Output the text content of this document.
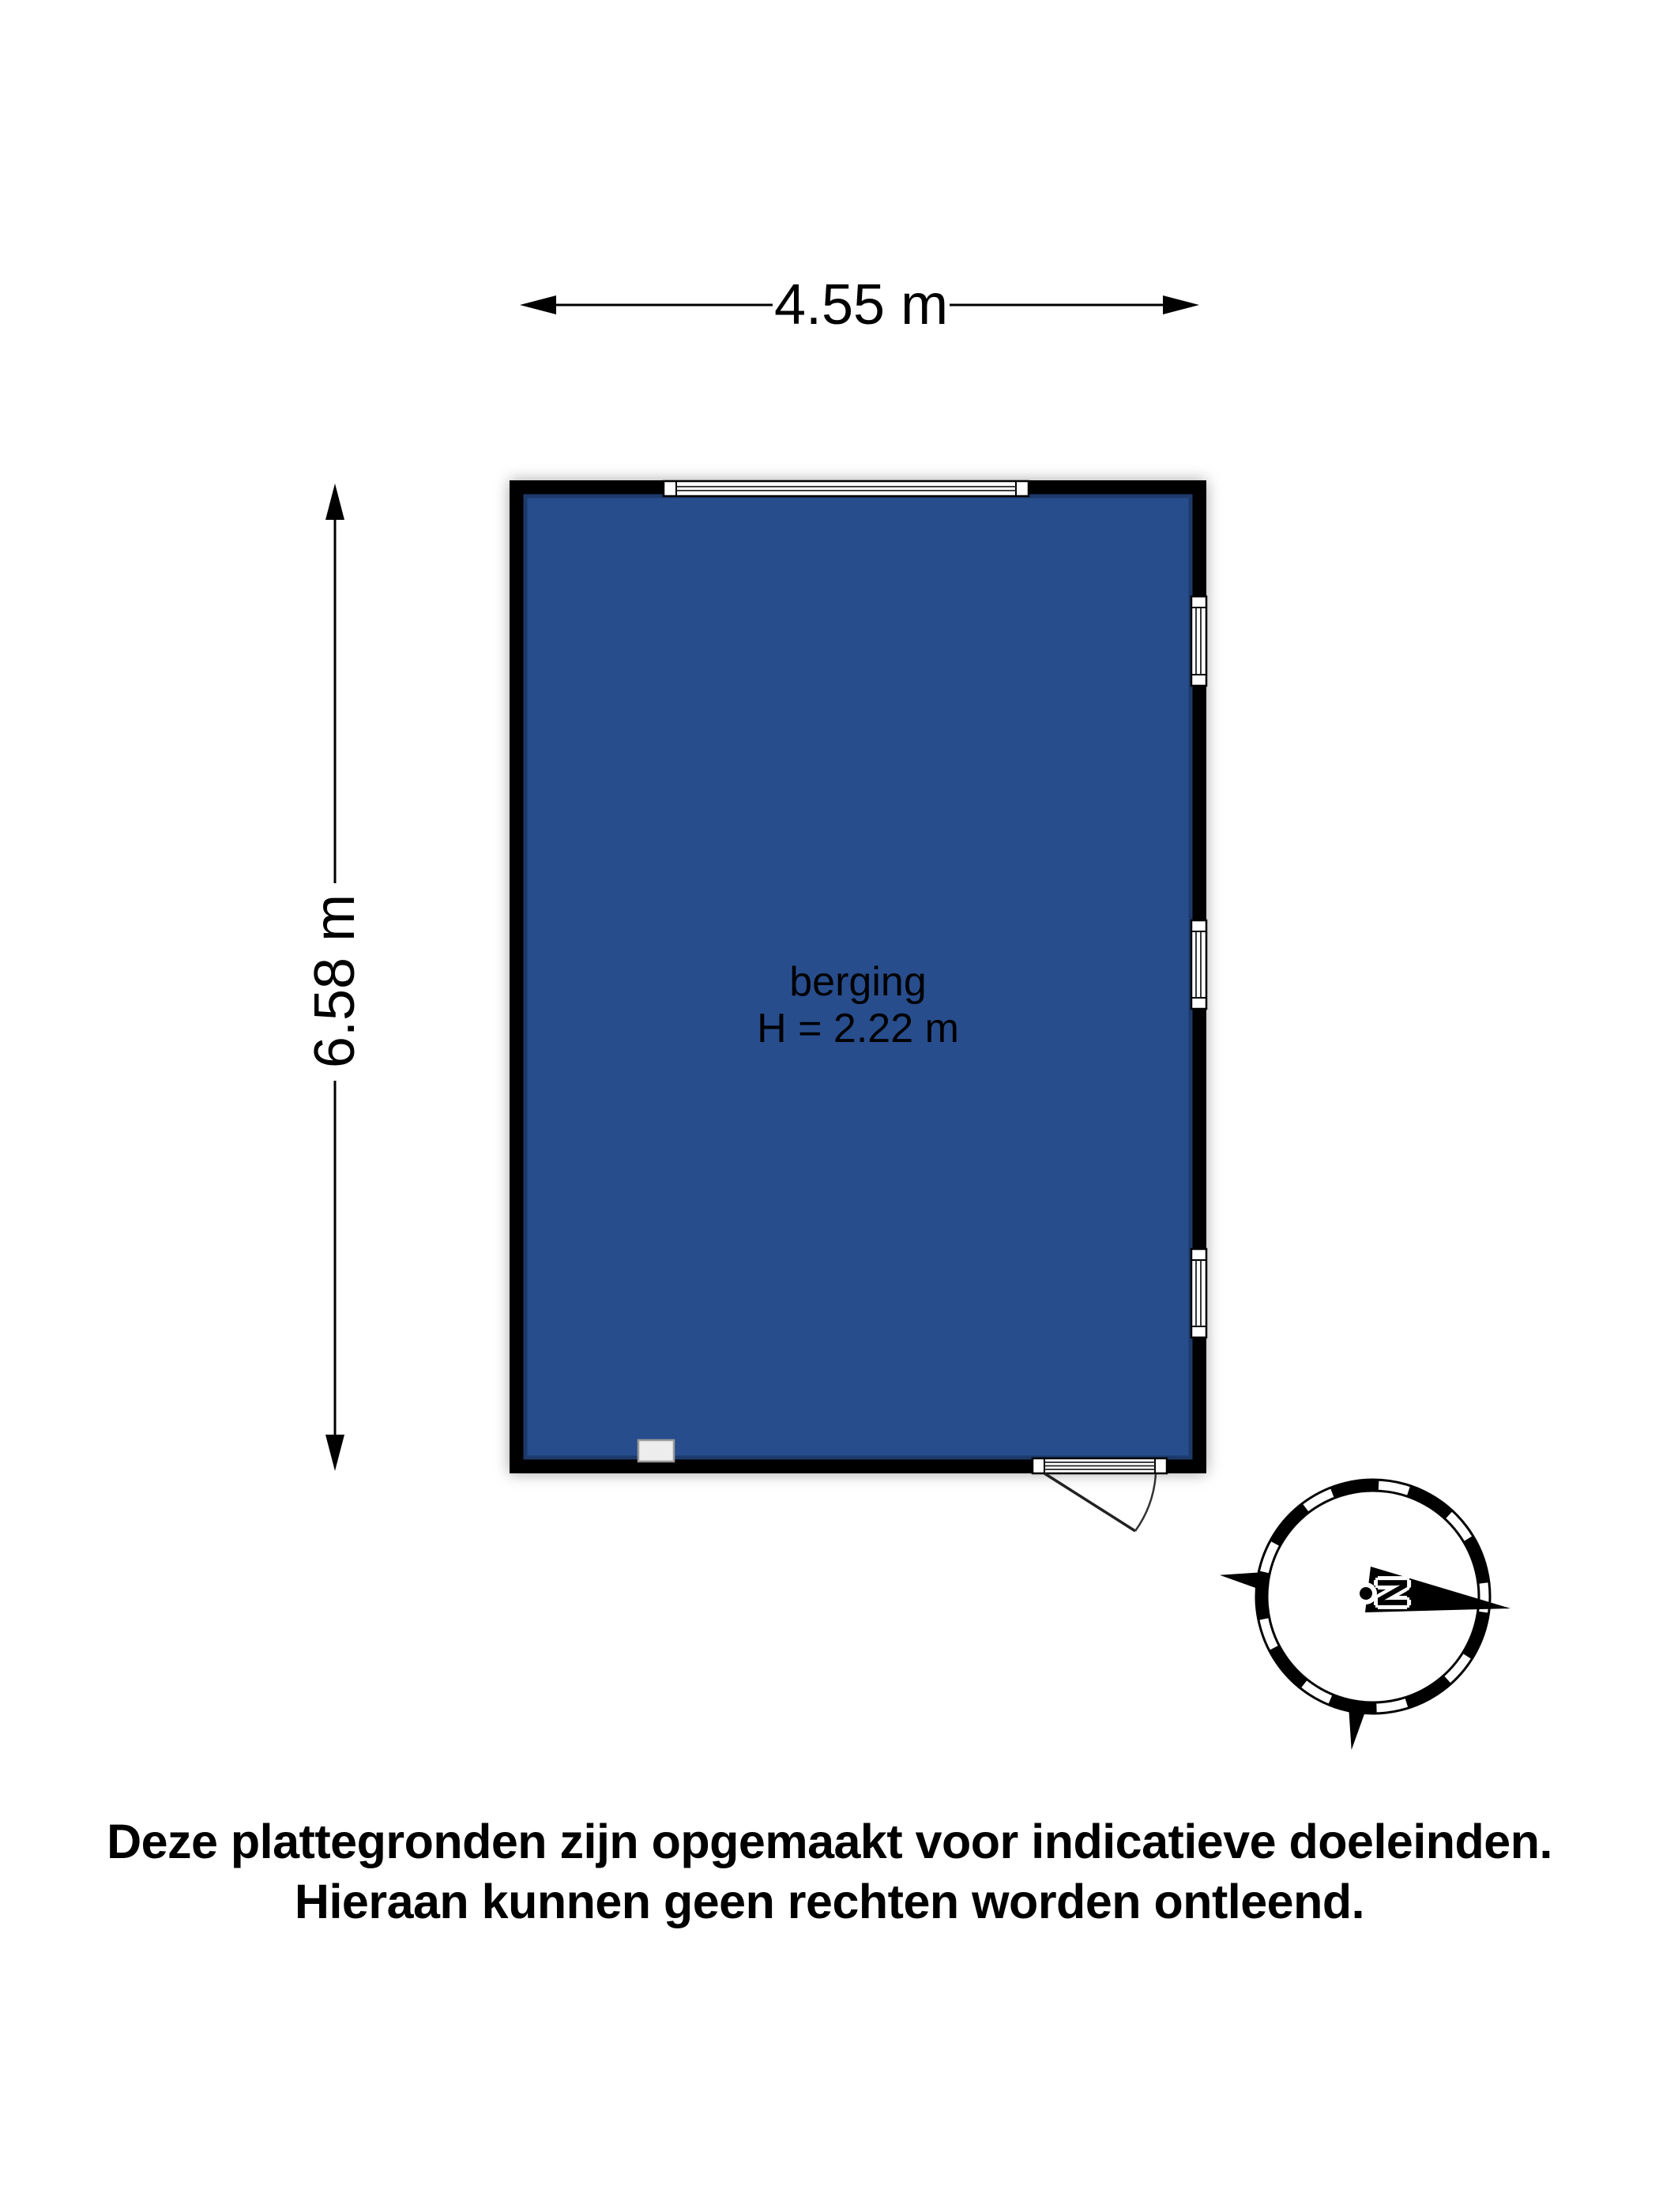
4.55 m
6.58 m	berging
H = 2.22 m
N
Deze plattegronden zijn opgemaakt voor indicatieve doeleinden.
Hieraan kunnen geen rechten worden ontleend.
